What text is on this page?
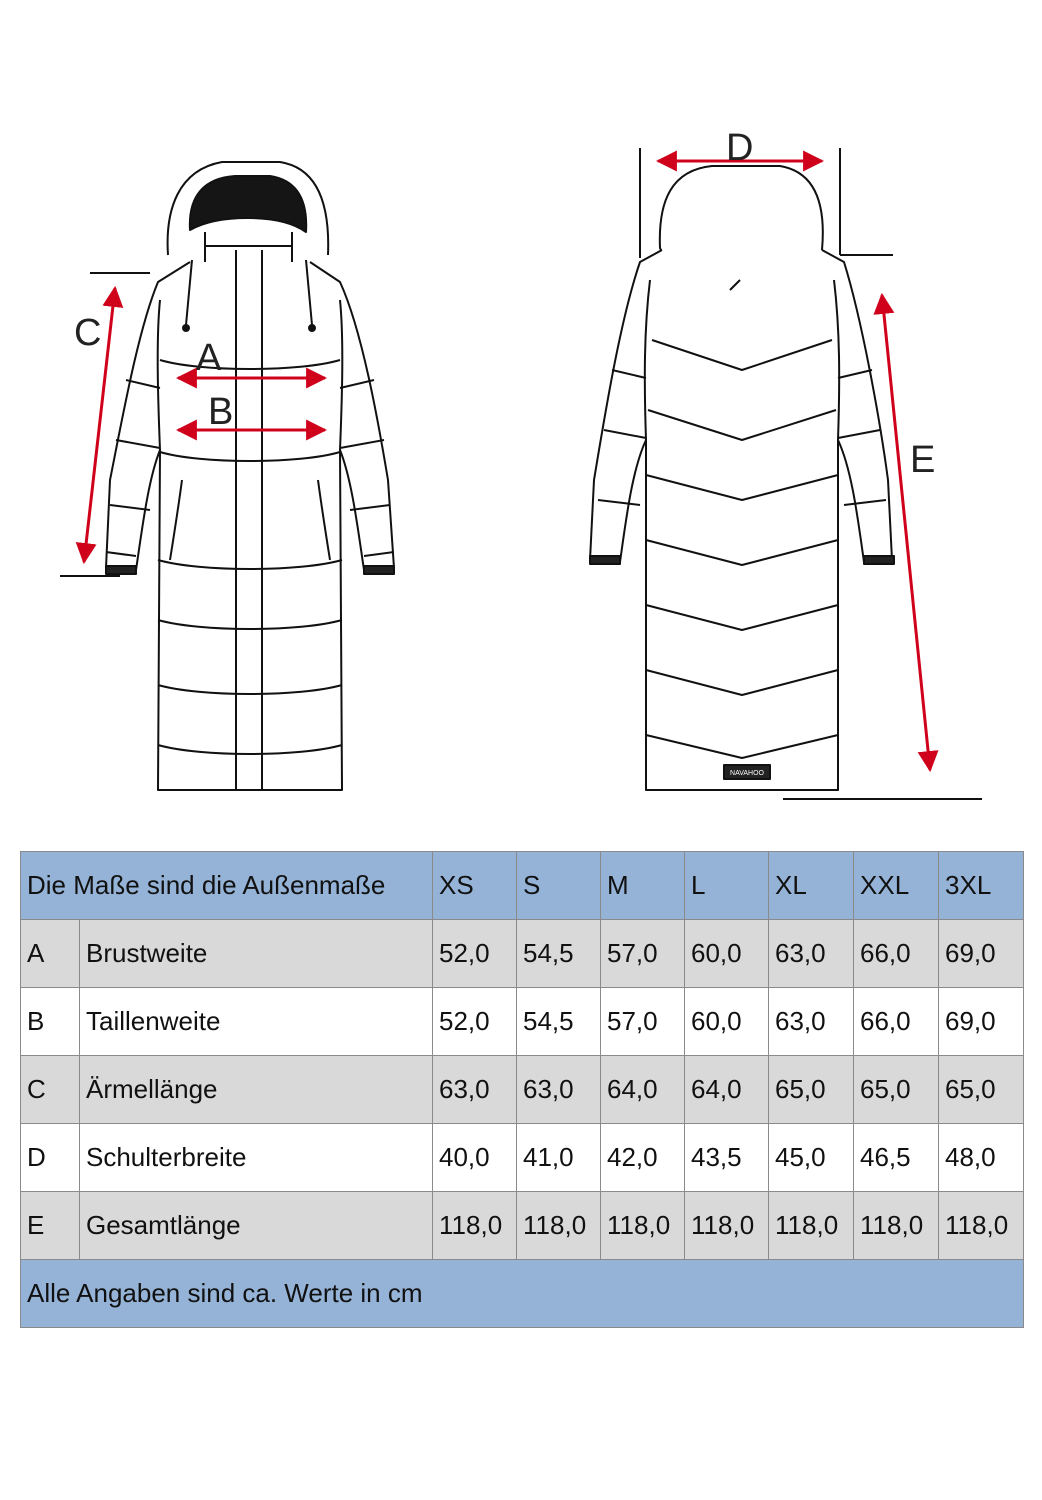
NAVAHOO
A
B
C
D
E
Die Maße sind die Außenmaße		XS	S	M	L	XL	XXL	3XL
A	Brustweite	52,0	54,5	57,0	60,0	63,0	66,0	69,0
B	Taillenweite	52,0	54,5	57,0	60,0	63,0	66,0	69,0
C	Ärmellänge	63,0	63,0	64,0	64,0	65,0	65,0	65,0
D	Schulterbreite	40,0	41,0	42,0	43,5	45,0	46,5	48,0
E	Gesamtlänge	118,0	118,0	118,0	118,0	118,0	118,0	118,0
Alle Angaben sind ca. Werte in cm								
